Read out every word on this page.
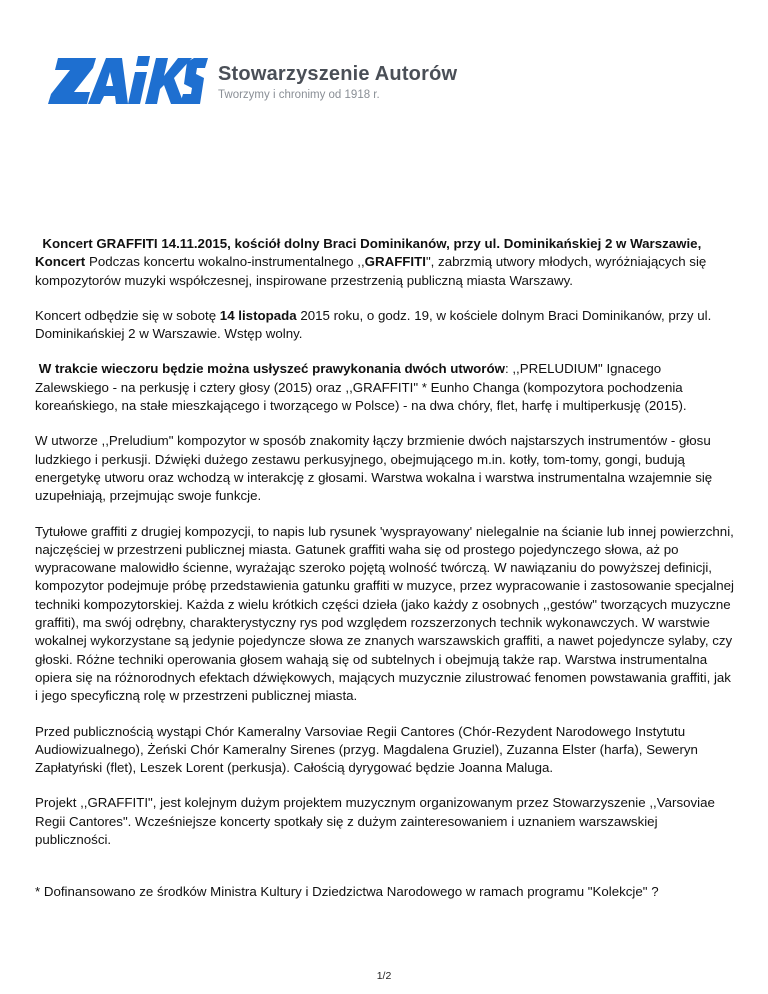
Stowarzyszenie Autorów
Tworzymy i chronimy od 1918 r.

Koncert GRAFFITI 14.11.2015, kościół dolny Braci Dominikanów, przy ul. Dominikańskiej 2 w Warszawie, Koncert Podczas koncertu wokalno-instrumentalnego ,,GRAFFITI", zabrzmią utwory młodych, wyróżniających się kompozytorów muzyki współczesnej, inspirowane przestrzenią publiczną miasta Warszawy.

Koncert odbędzie się w sobotę 14 listopada 2015 roku, o godz. 19, w kościele dolnym Braci Dominikanów, przy ul. Dominikańskiej 2 w Warszawie. Wstęp wolny.

W trakcie wieczoru będzie można usłyszeć prawykonania dwóch utworów: ,,PRELUDIUM" Ignacego Zalewskiego - na perkusję i cztery głosy (2015) oraz ,,GRAFFITI" * Eunho Changa (kompozytora pochodzenia koreańskiego, na stałe mieszkającego i tworzącego w Polsce) - na dwa chóry, flet, harfę i multiperkusję (2015).

W utworze ,,Preludium" kompozytor w sposób znakomity łączy brzmienie dwóch najstarszych instrumentów - głosu ludzkiego i perkusji. Dźwięki dużego zestawu perkusyjnego, obejmującego m.in. kotły, tom-tomy, gongi, budują energetykę utworu oraz wchodzą w interakcję z głosami. Warstwa wokalna i warstwa instrumentalna wzajemnie się uzupełniają, przejmując swoje funkcje.

Tytułowe graffiti z drugiej kompozycji, to napis lub rysunek 'wysprayowany' nielegalnie na ścianie lub innej powierzchni, najczęściej w przestrzeni publicznej miasta. Gatunek graffiti waha się od prostego pojedynczego słowa, aż po wypracowane malowidło ścienne, wyrażając szeroko pojętą wolność twórczą. W nawiązaniu do powyższej definicji, kompozytor podejmuje próbę przedstawienia gatunku graffiti w muzyce, przez wypracowanie i zastosowanie specjalnej techniki kompozytorskiej. Każda z wielu krótkich części dzieła (jako każdy z osobnych ,,gestów" tworzących muzyczne graffiti), ma swój odrębny, charakterystyczny rys pod względem rozszerzonych technik wykonawczych. W warstwie wokalnej wykorzystane są jedynie pojedyncze słowa ze znanych warszawskich graffiti, a nawet pojedyncze sylaby, czy głoski. Różne techniki operowania głosem wahają się od subtelnych i obejmują także rap. Warstwa instrumentalna opiera się na różnorodnych efektach dźwiękowych, mających muzycznie zilustrować fenomen powstawania graffiti, jak i jego specyficzną rolę w przestrzeni publicznej miasta.

Przed publicznością wystąpi Chór Kameralny Varsoviae Regii Cantores (Chór-Rezydent Narodowego Instytutu Audiowizualnego), Żeński Chór Kameralny Sirenes (przyg. Magdalena Gruziel), Zuzanna Elster (harfa), Seweryn Zapłatyński (flet), Leszek Lorent (perkusja). Całością dyrygować będzie Joanna Maluga.

Projekt ,,GRAFFITI", jest kolejnym dużym projektem muzycznym organizowanym przez Stowarzyszenie ,,Varsoviae Regii Cantores". Wcześniejsze koncerty spotkały się z dużym zainteresowaniem i uznaniem warszawskiej publiczności.

* Dofinansowano ze środków Ministra Kultury i Dziedzictwa Narodowego w ramach programu "Kolekcje" ?

1/2
